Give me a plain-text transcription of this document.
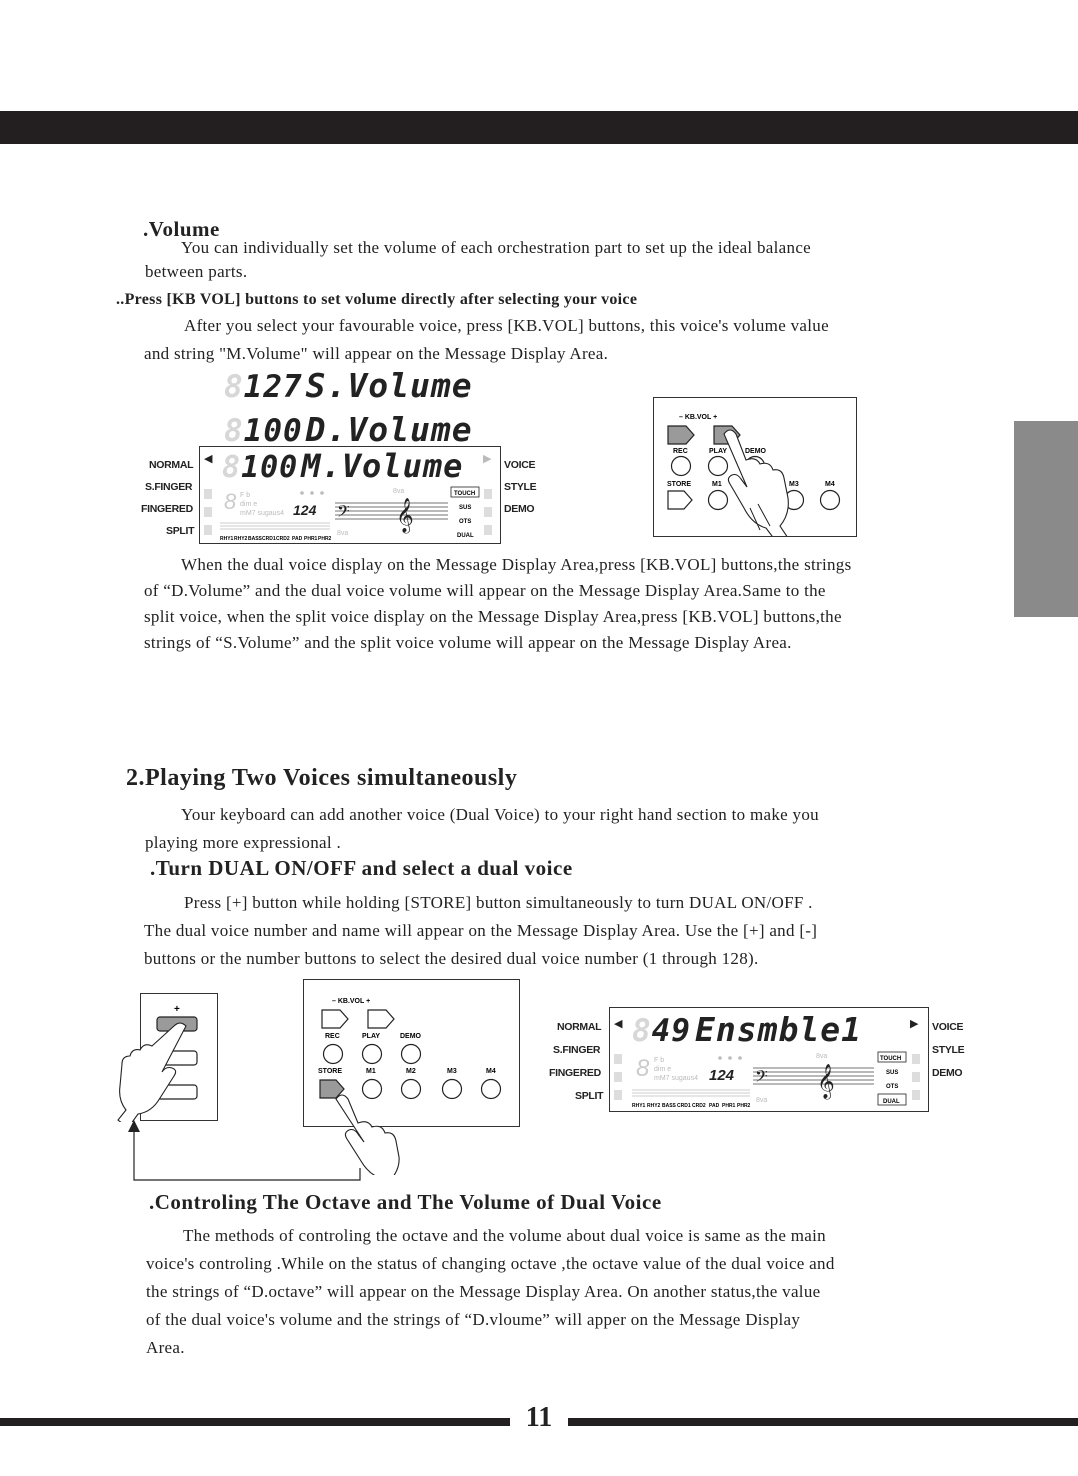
.Volume

You can individually set the volume of each orchestration part to set up the ideal balance

between parts.

..Press [KB VOL] buttons to set volume directly after selecting your voice

After you select your favourable voice, press [KB.VOL] buttons, this voice's volume value

and string "M.Volume" will appear on the Message Display Area.

8127S.Volume
8100D.Volume
◀ 8100M.Volume	▶
8 F b
dim e
mM7 sugaus4 124 𝄢 𝄞
8va
8va
TOUCH
SUS
OTS
DUAL
RHY1 RHY2 BASS CRD1 CRD2 PAD PHR1 PHR2
NORMAL
S.FINGER
FINGERED
SPLIT
VOICE
STYLE
DEMO
– KB.VOL +
REC	PLAY	DEMO
STORE	M1	M3	M4

When the dual voice display on the Message Display Area,press [KB.VOL] buttons,the strings

of “D.Volume” and the dual voice volume will appear on the Message Display Area.Same to the

split voice, when the split voice display on the Message Display Area,press [KB.VOL] buttons,the

strings of “S.Volume” and the split voice volume will appear on the Message Display Area.

2.Playing Two Voices simultaneously

Your keyboard can add another voice (Dual Voice) to your right hand section to make you

playing more expressional .

.Turn DUAL ON/OFF and select a dual voice

Press [+] button while holding [STORE] button simultaneously to turn DUAL ON/OFF .

The dual voice number and name will appear on the Message Display Area. Use the [+] and [-]

buttons or the number buttons to select the desired dual voice number (1 through 128).

+
– KB.VOL +
REC	PLAY	DEMO
STORE	M1	M2	M3	M4
NORMAL
S.FINGER
FINGERED
SPLIT
VOICE
STYLE
DEMO
◀ 849 Ensmble1	▶
8 F b
dim e
mM7 sugaus4 124 𝄢 𝄞
8va
8va
TOUCH
SUS
OTS
DUAL
RHY1 RHY2 BASS CRD1 CRD2 PAD PHR1 PHR2
.Controling The Octave and The Volume of Dual Voice

The methods of controling the octave and the volume about dual voice is same as the main

voice's controling .While on the status of changing octave ,the octave value of the dual voice and

the strings of “D.octave” will appear on the Message Display Area. On another status,the value

of the dual voice's volume and the strings of “D.vloume” will apper on the Message Display

Area.

11
